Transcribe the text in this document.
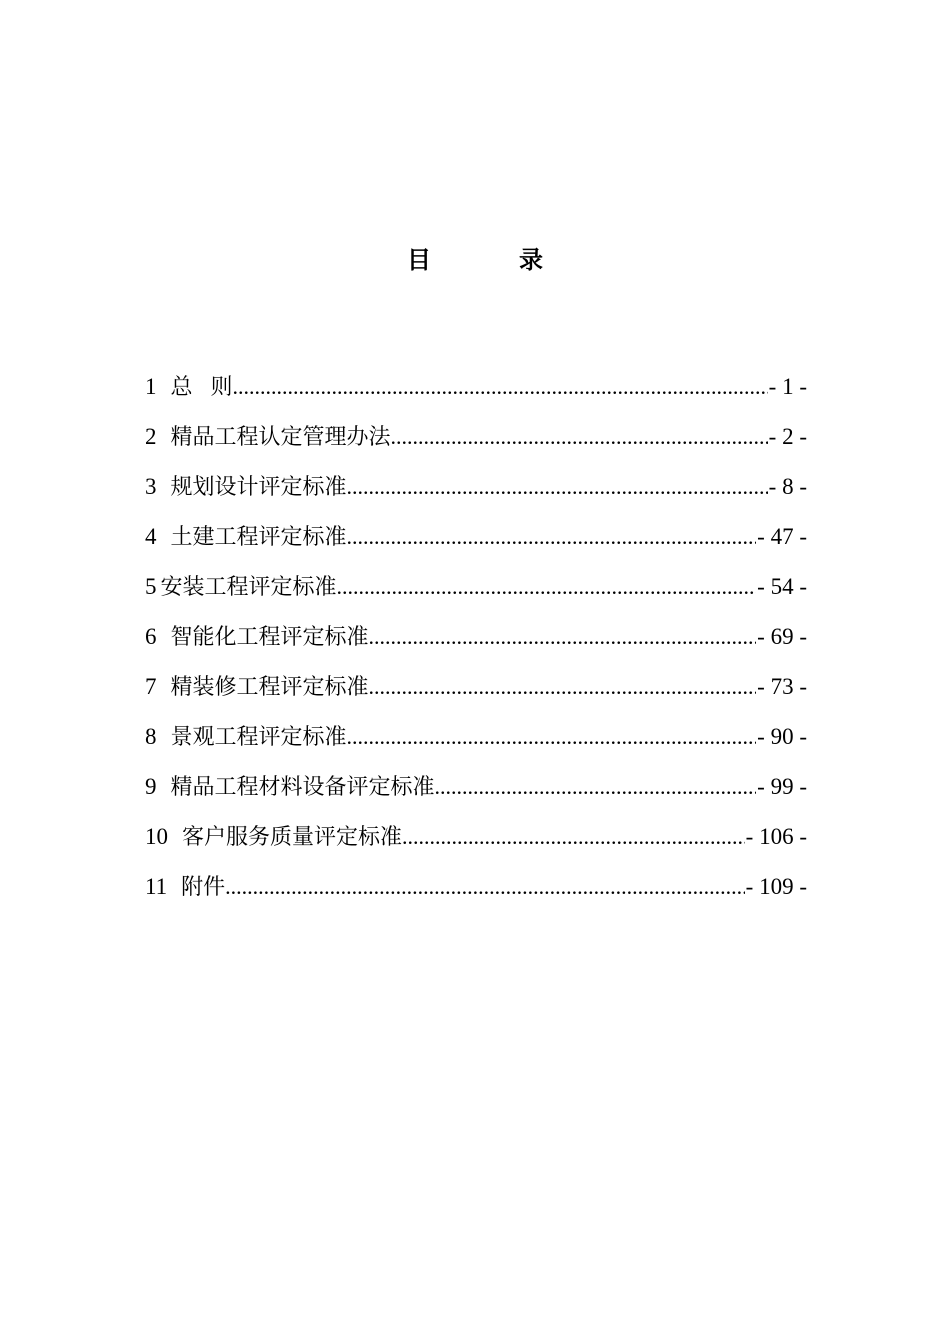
目　录
1 总则 .....	- 1 -
2 精品工程认定管理办法 .....	- 2 -
3 规划设计评定标准 .....	- 8 -
4 土建工程评定标准 .....	- 47 -
5 安装工程评定标准 .....	- 54 -
6 智能化工程评定标准 .....	- 69 -
7 精装修工程评定标准 .....	- 73 -
8 景观工程评定标准 .....	- 90 -
9 精品工程材料设备评定标准 .....	- 99 -
10 客户服务质量评定标准 .....	- 106 -
11 附件 .....	- 109 -
